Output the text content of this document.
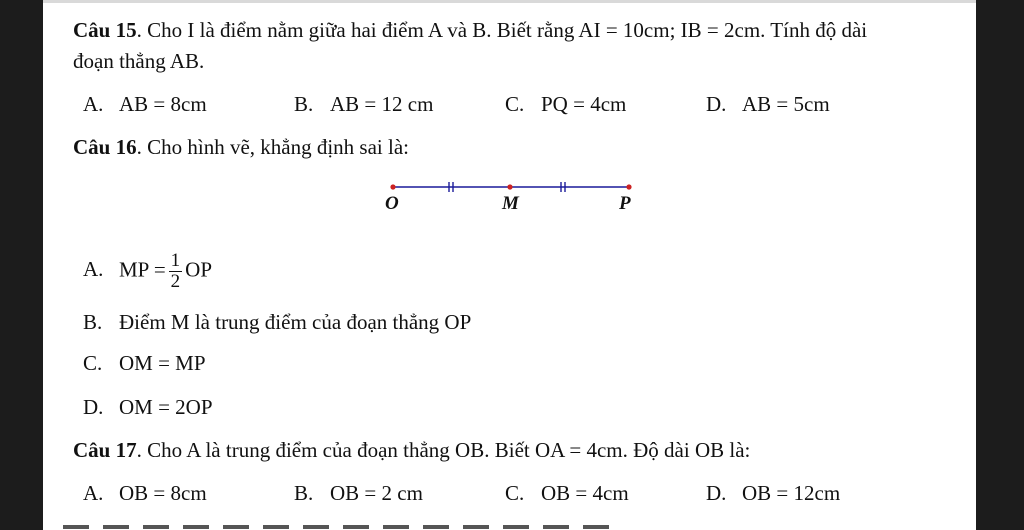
Câu 15. Cho I là điểm nằm giữa hai điểm A và B. Biết rằng AI = 10cm; IB = 2cm. Tính độ dài
đoạn thẳng AB.
A. AB = 8cm	B. AB = 12 cm	C. PQ = 4cm	D. AB = 5cm
Câu 16. Cho hình vẽ, khẳng định sai là:
O	M	P
A. MP = $\frac{1}{2}$ OP
B. Điểm M là trung điểm của đoạn thẳng OP
C. OM = MP
D. OM = 2OP
Câu 17. Cho A là trung điểm của đoạn thẳng OB. Biết OA = 4cm. Độ dài OB là:
A. OB = 8cm	B. OB = 2 cm	C. OB = 4cm	D. OB = 12cm
